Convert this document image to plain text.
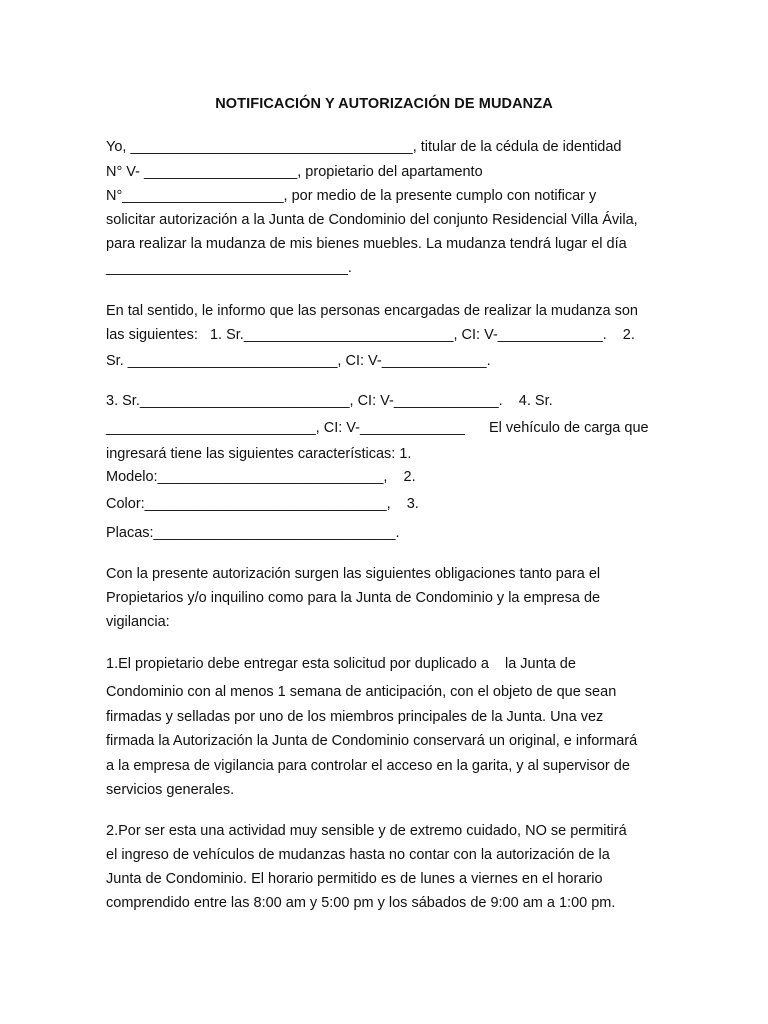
NOTIFICACIÓN Y AUTORIZACIÓN DE MUDANZA

Yo, ___________________________________, titular de la cédula de identidad

N° V- ___________________, propietario del apartamento

N°____________________, por medio de la presente cumplo con notificar y

solicitar autorización a la Junta de Condominio del conjunto Residencial Villa Ávila,

para realizar la mudanza de mis bienes muebles. La mudanza tendrá lugar el día

______________________________.

En tal sentido, le informo que las personas encargadas de realizar la mudanza son

las siguientes:   1. Sr.__________________________, CI: V-_____________.    2.

Sr. __________________________, CI: V-_____________.

3. Sr.__________________________, CI: V-_____________.    4. Sr.

__________________________, CI: V-_____________      El vehículo de carga que

ingresará tiene las siguientes características: 1.

Modelo:____________________________,    2.

Color:______________________________,    3.

Placas:______________________________.

Con la presente autorización surgen las siguientes obligaciones tanto para el

Propietarios y/o inquilino como para la Junta de Condominio y la empresa de

vigilancia:

1.El propietario debe entregar esta solicitud por duplicado a    la Junta de

Condominio con al menos 1 semana de anticipación, con el objeto de que sean

firmadas y selladas por uno de los miembros principales de la Junta. Una vez

firmada la Autorización la Junta de Condominio conservará un original, e informará

a la empresa de vigilancia para controlar el acceso en la garita, y al supervisor de

servicios generales.

2.Por ser esta una actividad muy sensible y de extremo cuidado, NO se permitirá

el ingreso de vehículos de mudanzas hasta no contar con la autorización de la

Junta de Condominio. El horario permitido es de lunes a viernes en el horario

comprendido entre las 8:00 am y 5:00 pm y los sábados de 9:00 am a 1:00 pm.
